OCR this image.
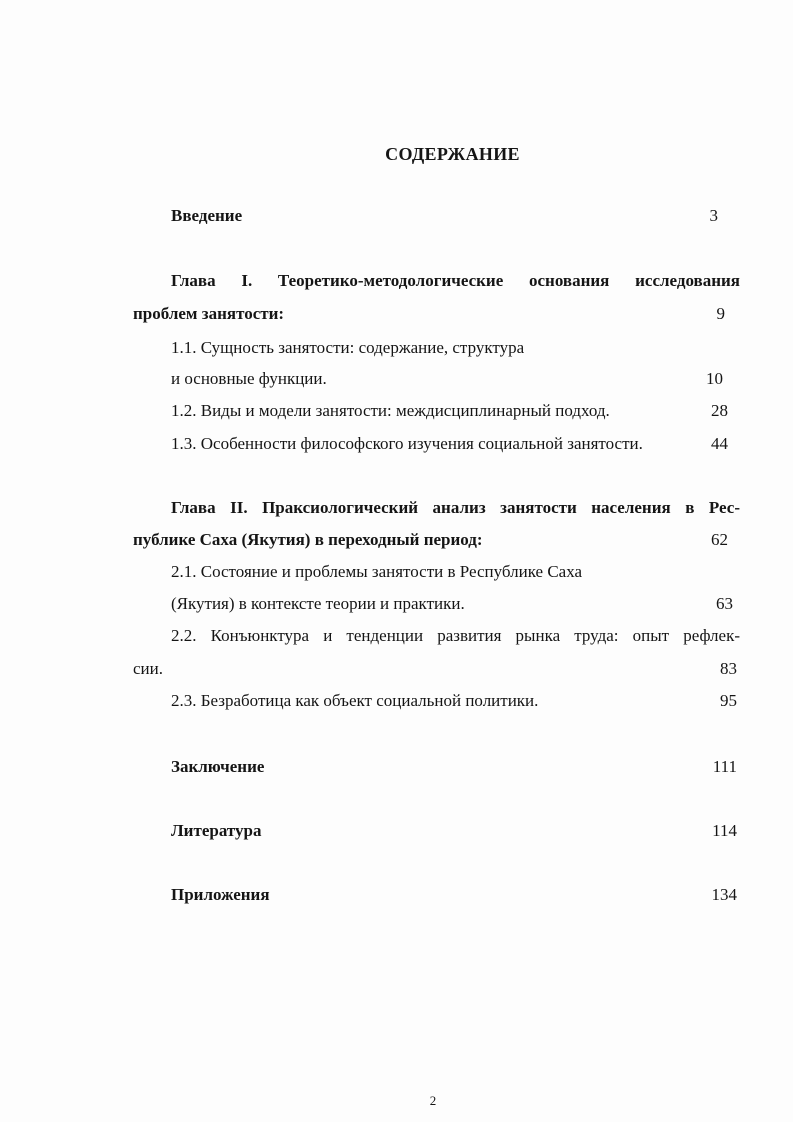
СОДЕРЖАНИЕ
Введение	3
Глава I. Теоретико-методологические основания исследования
проблем занятости:	9
1.1. Сущность занятости: содержание, структура
и основные функции.	10
1.2. Виды и модели занятости: междисциплинарный подход.	28
1.3. Особенности философского изучения социальной занятости.	44
Глава II. Праксиологический анализ занятости населения в Рес-
публике Саха (Якутия) в переходный период:	62
2.1. Состояние и проблемы занятости в Республике Саха
(Якутия) в контексте теории и практики.	63
2.2. Конъюнктура и тенденции развития рынка труда: опыт рефлек-
сии.	83
2.3. Безработица как объект социальной политики.	95
Заключение	111
Литература	114
Приложения	134
2
